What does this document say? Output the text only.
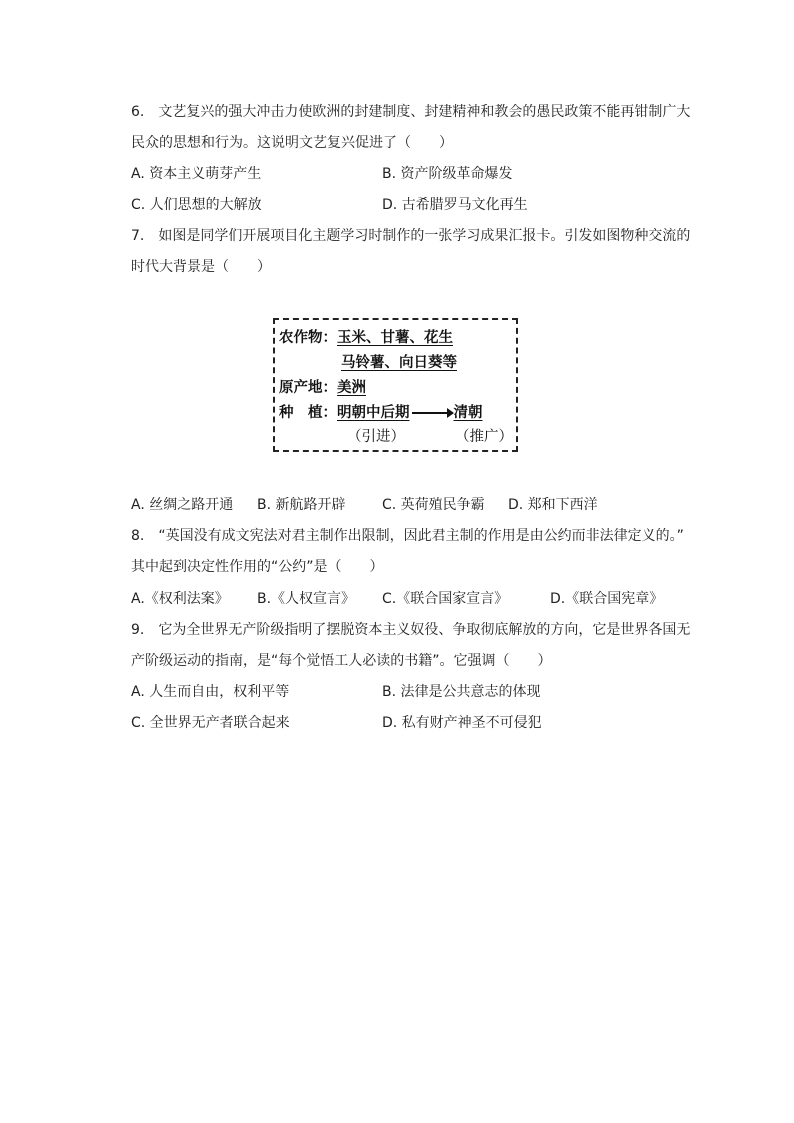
6.　文艺复兴的强大冲击力使欧洲的封建制度、封建精神和教会的愚民政策不能再钳制广大
民众的思想和行为。这说明文艺复兴促进了（　　）
A. 资本主义萌芽产生	B. 资产阶级革命爆发
C. 人们思想的大解放	D. 古希腊罗马文化再生
7.　如图是同学们开展项目化主题学习时制作的一张学习成果汇报卡。引发如图物种交流的
时代大背景是（　　）
农作物：玉米、甘薯、花生
马铃薯、向日葵等
原产地：美洲
种　植：明朝中后期	清朝
（引进）	（推广）
A. 丝绸之路开通 B. 新航路开辟	C. 英荷殖民争霸 D. 郑和下西洋
8.　“英国没有成文宪法对君主制作出限制，因此君主制的作用是由公约而非法律定义的。”
其中起到决定性作用的“公约”是（　　）
A.《权利法案》 B.《人权宣言》 C.《联合国家宣言》	D.《联合国宪章》
9.　它为全世界无产阶级指明了摆脱资本主义奴役、争取彻底解放的方向，它是世界各国无
产阶级运动的指南，是“每个觉悟工人必读的书籍”。它强调（　　）
A. 人生而自由，权利平等	B. 法律是公共意志的体现
C. 全世界无产者联合起来	D. 私有财产神圣不可侵犯
